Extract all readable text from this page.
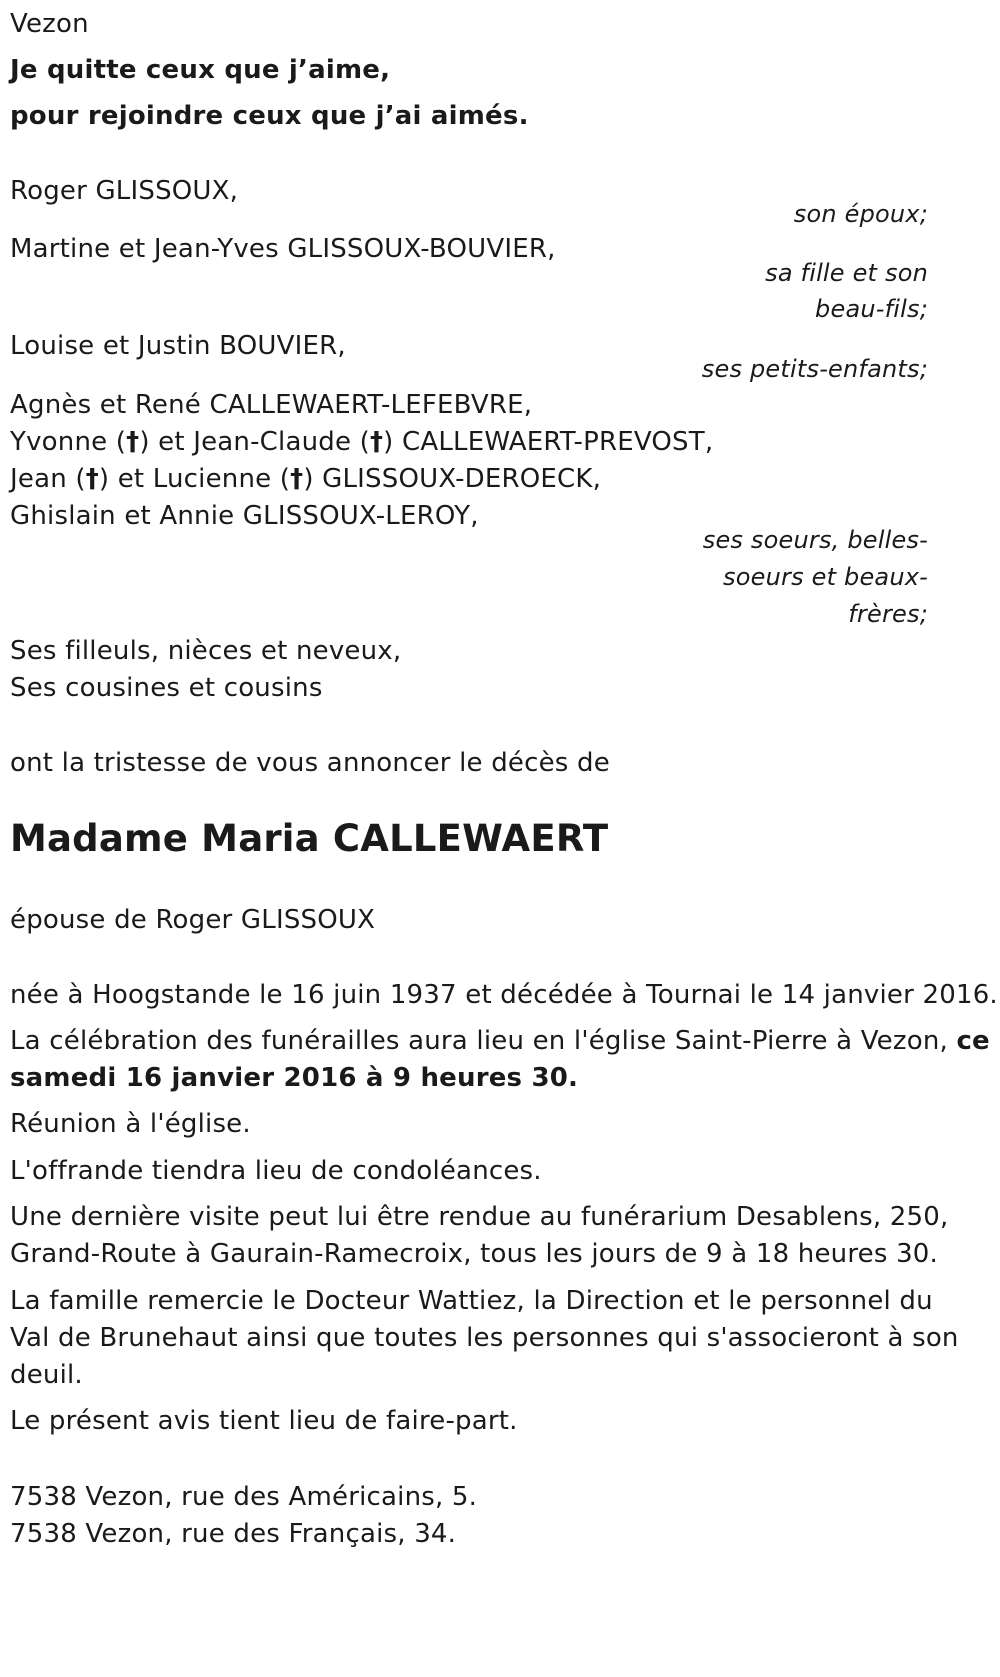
Vezon
Je quitte ceux que j’aime,
pour rejoindre ceux que j’ai aimés.
Roger GLISSOUX,
son époux;
Martine et Jean-Yves GLISSOUX-BOUVIER,
sa fille et son
beau-fils;
Louise et Justin BOUVIER,
ses petits-enfants;
Agnès et René CALLEWAERT-LEFEBVRE,
Yvonne (†) et Jean-Claude (†) CALLEWAERT-PREVOST,
Jean (†) et Lucienne (†) GLISSOUX-DEROECK,
Ghislain et Annie GLISSOUX-LEROY,
ses soeurs, belles-
soeurs et beaux-
frères;
Ses filleuls, nièces et neveux,
Ses cousines et cousins
ont la tristesse de vous annoncer le décès de
Madame Maria CALLEWAERT
épouse de Roger GLISSOUX
née à Hoogstande le 16 juin 1937 et décédée à Tournai le 14 janvier 2016.
La célébration des funérailles aura lieu en l'église Saint-Pierre à Vezon, ce
samedi 16 janvier 2016 à 9 heures 30.
Réunion à l'église.
L'offrande tiendra lieu de condoléances.
Une dernière visite peut lui être rendue au funérarium Desablens, 250,
Grand-Route à Gaurain-Ramecroix, tous les jours de 9 à 18 heures 30.
La famille remercie le Docteur Wattiez, la Direction et le personnel du
Val de Brunehaut ainsi que toutes les personnes qui s'associeront à son
deuil.
Le présent avis tient lieu de faire-part.
7538 Vezon, rue des Américains, 5.
7538 Vezon, rue des Français, 34.
